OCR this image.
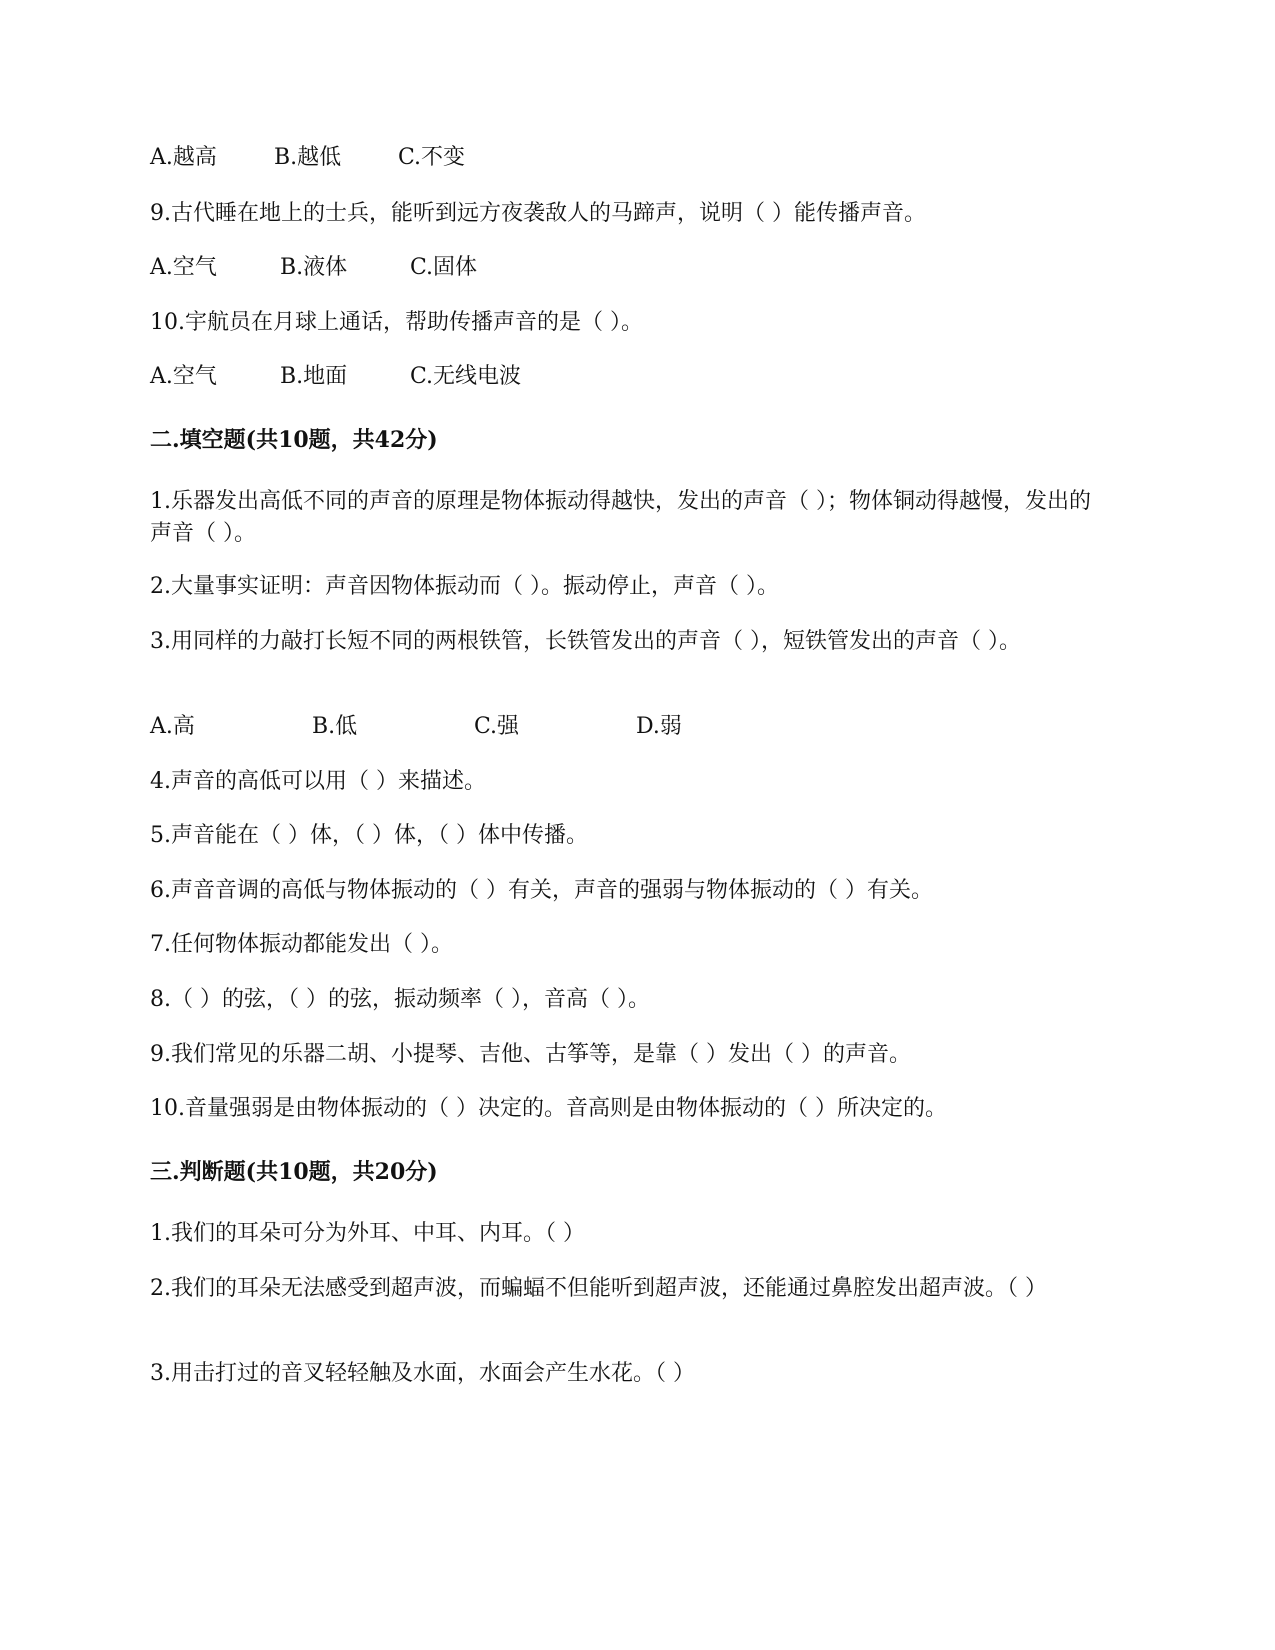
A.越高	B.越低	C.不变
9.古代睡在地上的士兵，能听到远方夜袭敌人的马蹄声，说明（ ）能传播声音。
A.空气	B.液体	C.固体
10.宇航员在月球上通话，帮助传播声音的是（ ）。
A.空气	B.地面	C.无线电波
二.填空题(共10题，共42分)
1.乐器发出高低不同的声音的原理是物体振动得越快，发出的声音（ ）；物体铜动得越慢，发出的声音（ ）。
2.大量事实证明：声音因物体振动而（ ）。振动停止，声音（ ）。
3.用同样的力敲打长短不同的两根铁管，长铁管发出的声音（ ），短铁管发出的声音（ ）。
A.高	B.低	C.强	D.弱
4.声音的高低可以用（ ）来描述。
5.声音能在（ ）体，（ ）体，（ ）体中传播。
6.声音音调的高低与物体振动的（ ）有关，声音的强弱与物体振动的（ ）有关。
7.任何物体振动都能发出（ ）。
8.（ ）的弦，（ ）的弦，振动频率（ ），音高（ ）。
9.我们常见的乐器二胡、小提琴、吉他、古筝等，是靠（ ）发出（ ）的声音。
10.音量强弱是由物体振动的（ ）决定的。音高则是由物体振动的（ ）所决定的。
三.判断题(共10题，共20分)
1.我们的耳朵可分为外耳、中耳、内耳。（ ）
2.我们的耳朵无法感受到超声波，而蝙蝠不但能听到超声波，还能通过鼻腔发出超声波。（ ）
3.用击打过的音叉轻轻触及水面，水面会产生水花。（ ）
